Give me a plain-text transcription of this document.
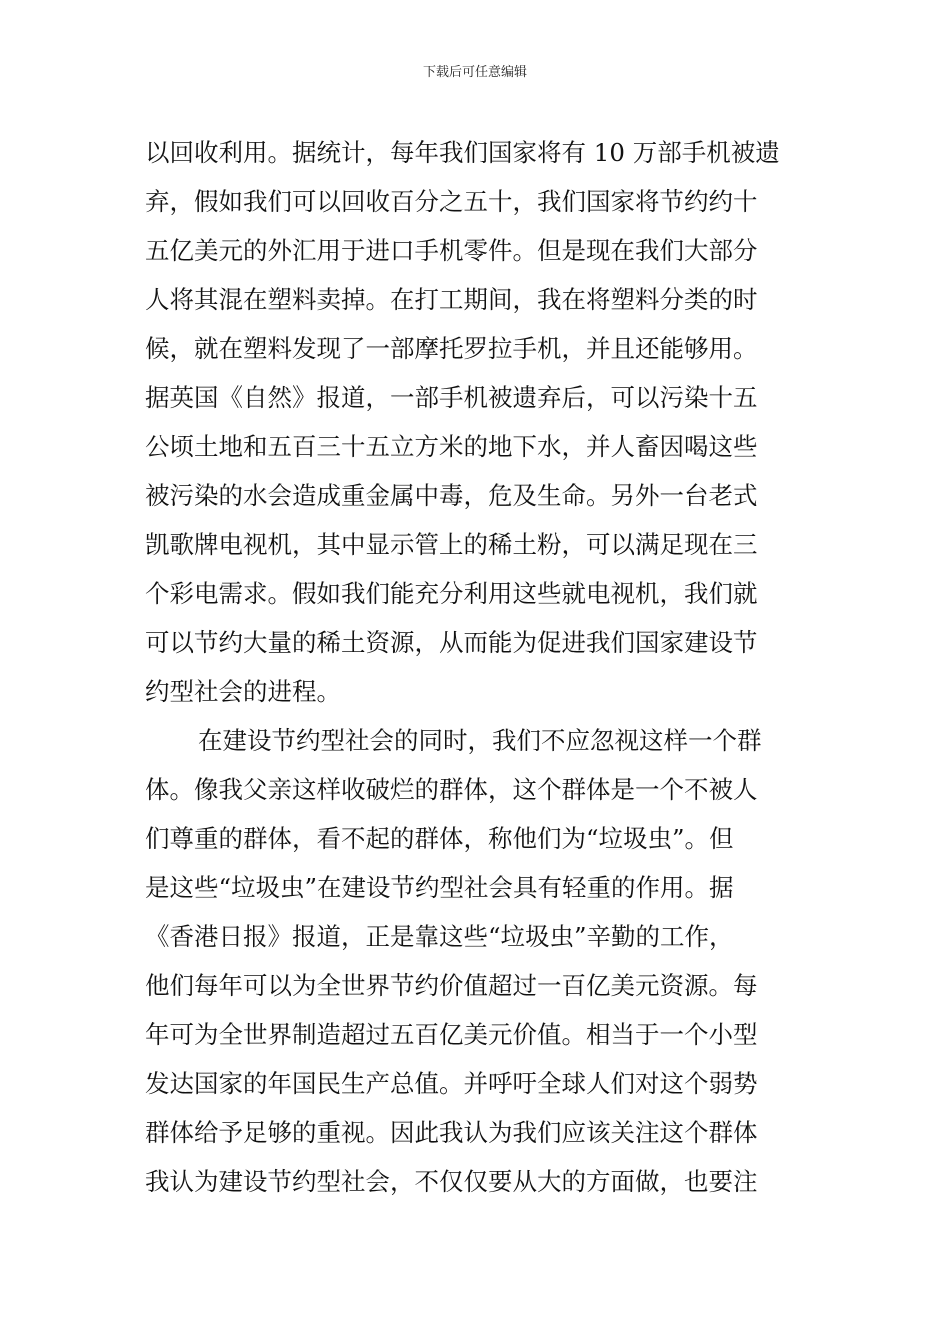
下载后可任意编辑
以回收利用。据统计，每年我们国家将有 10 万部手机被遗
弃，假如我们可以回收百分之五十，我们国家将节约约十
五亿美元的外汇用于进口手机零件。但是现在我们大部分
人将其混在塑料卖掉。在打工期间，我在将塑料分类的时
候，就在塑料发现了一部摩托罗拉手机，并且还能够用。
据英国《自然》报道，一部手机被遗弃后，可以污染十五
公顷土地和五百三十五立方米的地下水，并人畜因喝这些
被污染的水会造成重金属中毒，危及生命。另外一台老式
凯歌牌电视机，其中显示管上的稀土粉，可以满足现在三
个彩电需求。假如我们能充分利用这些就电视机，我们就
可以节约大量的稀土资源，从而能为促进我们国家建设节
约型社会的进程。
在建设节约型社会的同时，我们不应忽视这样一个群
体。像我父亲这样收破烂的群体，这个群体是一个不被人
们尊重的群体，看不起的群体，称他们为“垃圾虫”。但
是这些“垃圾虫”在建设节约型社会具有轻重的作用。据
《香港日报》报道，正是靠这些“垃圾虫”辛勤的工作，
他们每年可以为全世界节约价值超过一百亿美元资源。每
年可为全世界制造超过五百亿美元价值。相当于一个小型
发达国家的年国民生产总值。并呼吁全球人们对这个弱势
群体给予足够的重视。因此我认为我们应该关注这个群体
我认为建设节约型社会，不仅仅要从大的方面做，也要注
